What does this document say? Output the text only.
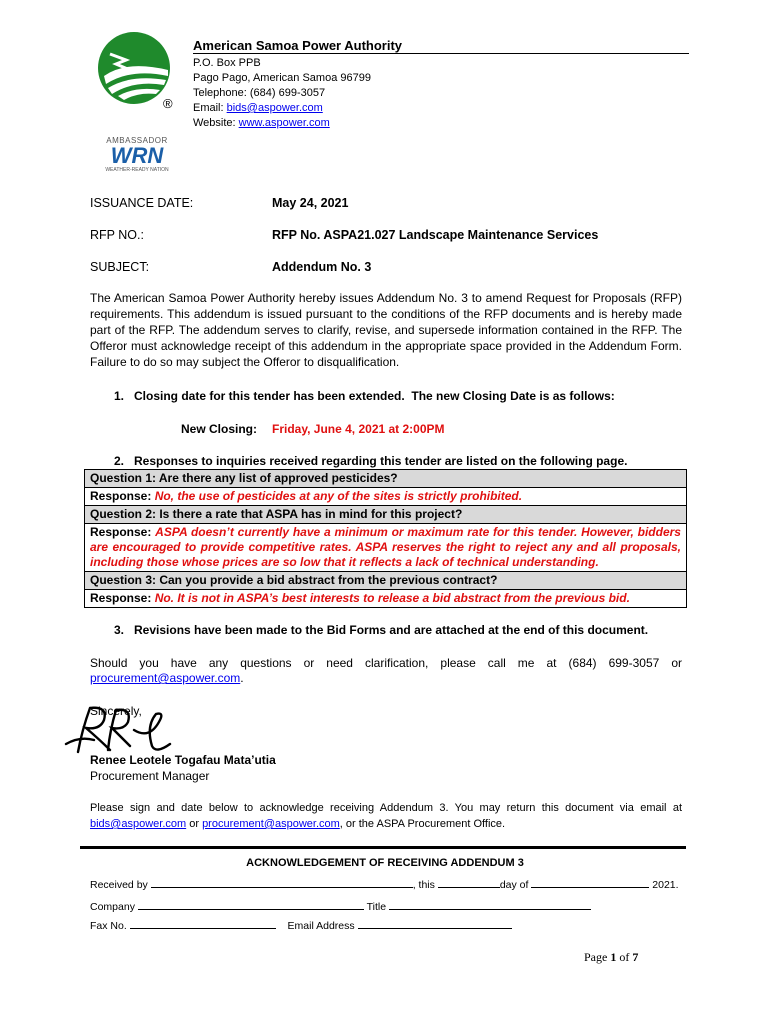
®
AMBASSADOR
WRN
WEATHER-READY NATION
American Samoa Power Authority
P.O. Box PPB
Pago Pago, American Samoa 96799
Telephone: (684) 699-3057
Email: bids@aspower.com
Website: www.aspower.com
ISSUANCE DATE:	May 24, 2021
RFP NO.:	RFP No. ASPA21.027 Landscape Maintenance Services
SUBJECT:	Addendum No. 3
The American Samoa Power Authority hereby issues Addendum No. 3 to amend Request for Proposals (RFP) requirements. This addendum is issued pursuant to the conditions of the RFP documents and is hereby made part of the RFP. The addendum serves to clarify, revise, and supersede information contained in the RFP. The Offeror must acknowledge receipt of this addendum in the appropriate space provided in the Addendum Form. Failure to do so may subject the Offeror to disqualification.
1.   Closing date for this tender has been extended.  The new Closing Date is as follows:
New Closing: Friday, June 4, 2021 at 2:00PM
2.   Responses to inquiries received regarding this tender are listed on the following page.
Question 1: Are there any list of approved pesticides?
Response: No, the use of pesticides at any of the sites is strictly prohibited.
Question 2: Is there a rate that ASPA has in mind for this project?
Response: ASPA doesn’t currently have a minimum or maximum rate for this tender. However, bidders are encouraged to provide competitive rates. ASPA reserves the right to reject any and all proposals, including those whose prices are so low that it reflects a lack of technical understanding.
Question 3: Can you provide a bid abstract from the previous contract?
Response: No. It is not in ASPA’s best interests to release a bid abstract from the previous bid.
3.   Revisions have been made to the Bid Forms and are attached at the end of this document.
Should you have any questions or need clarification, please call me at (684) 699-3057 or
procurement@aspower.com.
Sincerely,
Renee Leotele Togafau Mata’utia
Procurement Manager
Please sign and date below to acknowledge receiving Addendum 3. You may return this document via email at
bids@aspower.com or procurement@aspower.com, or the ASPA Procurement Office.
ACKNOWLEDGEMENT OF RECEIVING ADDENDUM 3
Received by	, this	day of	2021.
Company	Title
Fax No.	Email Address
Page 1 of 7
